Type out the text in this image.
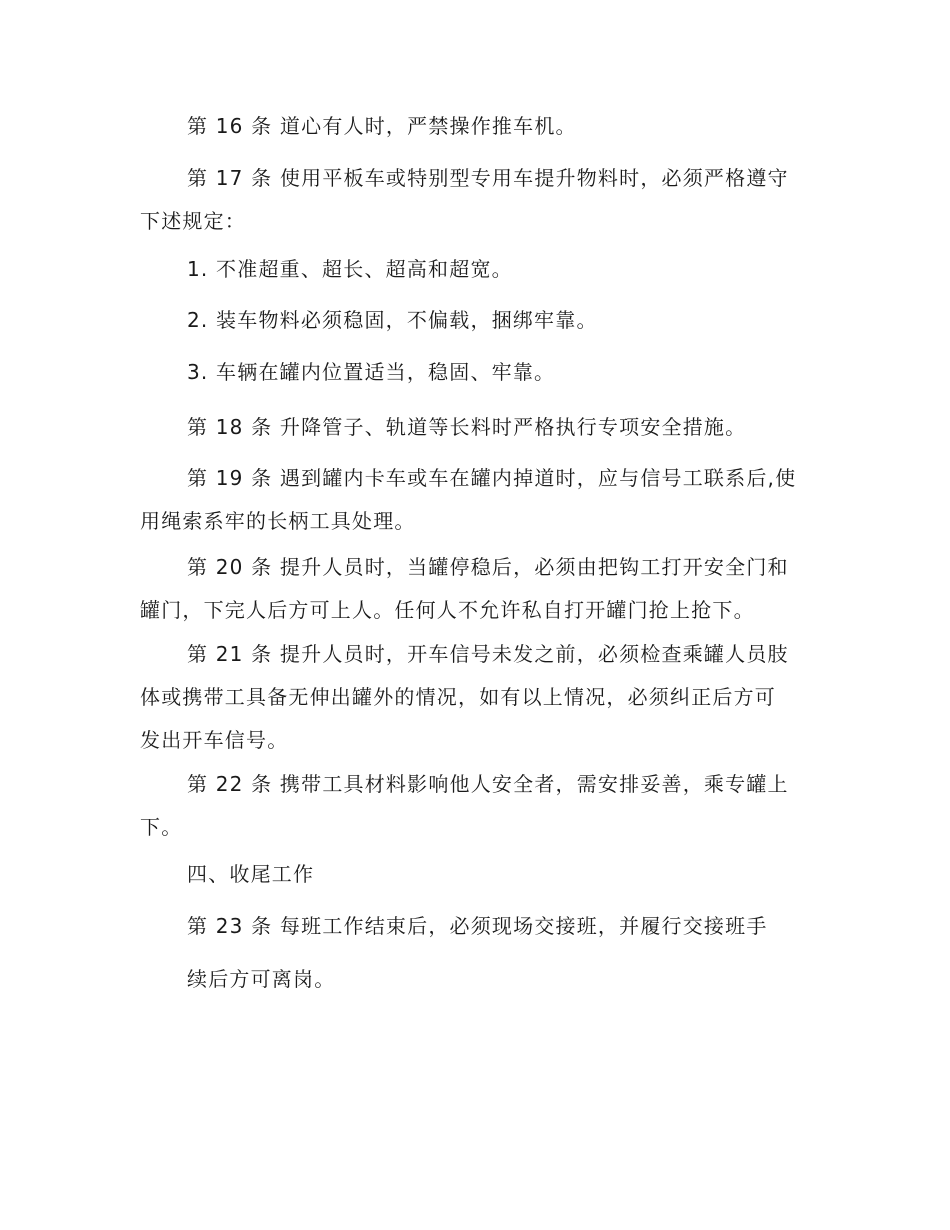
第 16 条 道心有人时，严禁操作推车机。
第 17 条 使用平板车或特别型专用车提升物料时，必须严格遵守
下述规定：
1. 不准超重、超长、超高和超宽。
2. 装车物料必须稳固，不偏载，捆绑牢靠。
3. 车辆在罐内位置适当，稳固、牢靠。
第 18 条 升降管子、轨道等长料时严格执行专项安全措施。
第 19 条 遇到罐内卡车或车在罐内掉道时，应与信号工联系后,使
用绳索系牢的长柄工具处理。
第 20 条 提升人员时，当罐停稳后，必须由把钩工打开安全门和
罐门，下完人后方可上人。任何人不允许私自打开罐门抢上抢下。
第 21 条 提升人员时，开车信号未发之前，必须检查乘罐人员肢
体或携带工具备无伸出罐外的情况，如有以上情况，必须纠正后方可
发出开车信号。
第 22 条 携带工具材料影响他人安全者，需安排妥善，乘专罐上
下。
四、收尾工作
第 23 条 每班工作结束后，必须现场交接班，并履行交接班手
续后方可离岗。
